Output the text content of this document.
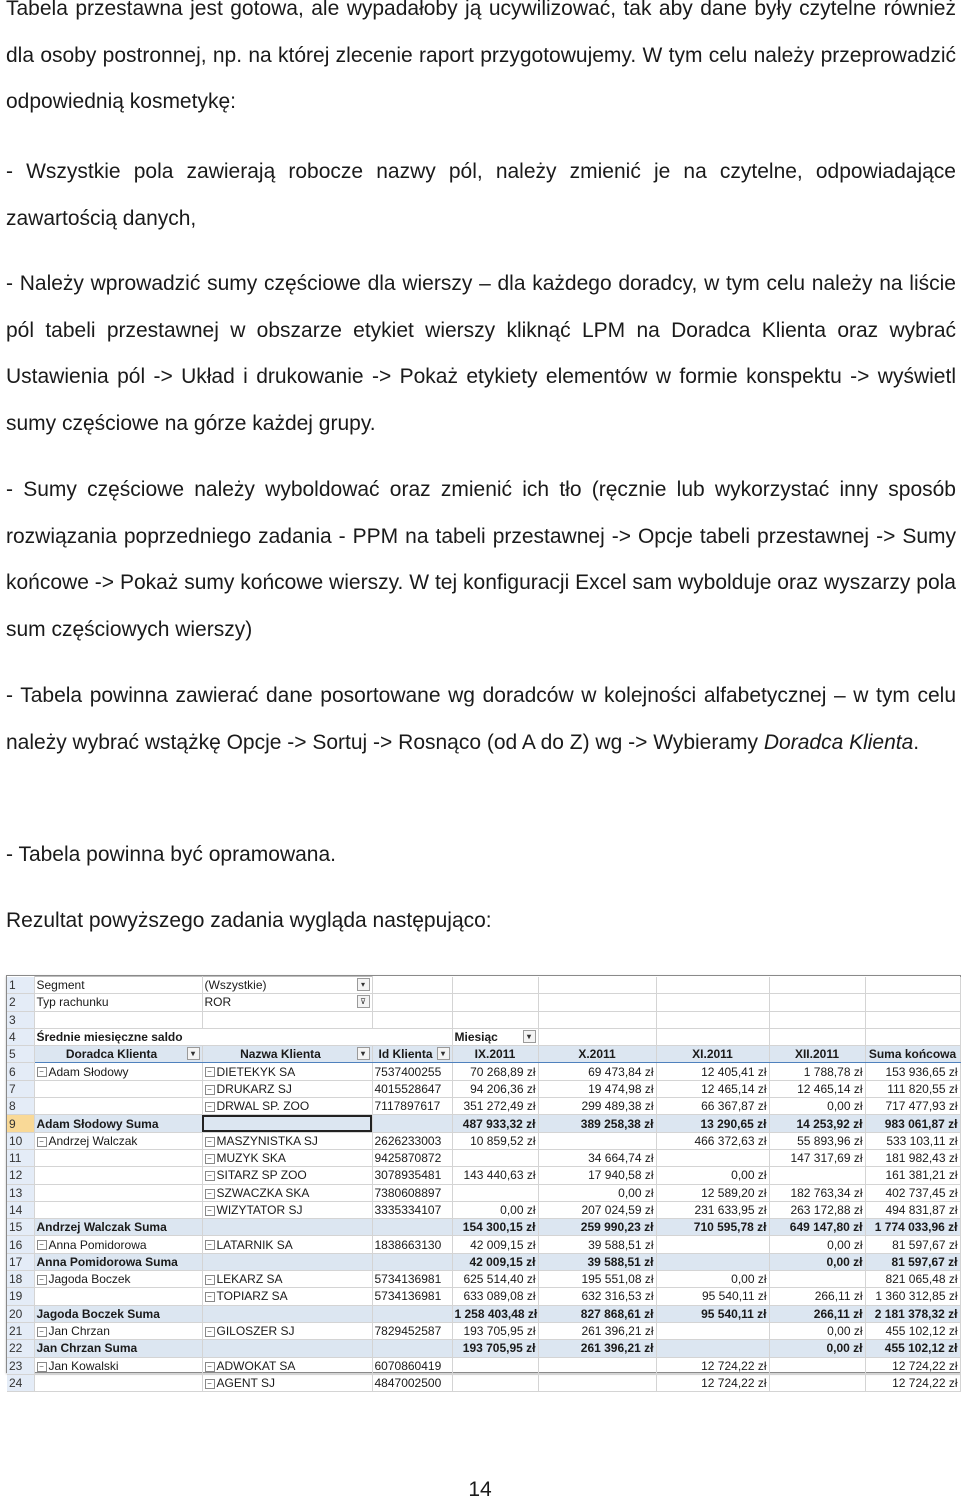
Tabela przestawna jest gotowa, ale wypadałoby ją ucywilizować, tak aby dane były czytelne również dla osoby postronnej, np. na której zlecenie raport przygotowujemy. W tym celu należy przeprowadzić odpowiednią kosmetykę:

- Wszystkie pola zawierają robocze nazwy pól, należy zmienić je na czytelne, odpowiadające zawartością danych,

- Należy wprowadzić sumy częściowe dla wierszy – dla każdego doradcy, w tym celu należy na liście pól tabeli przestawnej w obszarze etykiet wierszy kliknąć LPM na Doradca Klienta oraz wybrać Ustawienia pól -> Układ i drukowanie -> Pokaż etykiety elementów w formie konspektu -> wyświetl sumy częściowe na górze każdej grupy.

- Sumy częściowe należy wyboldować oraz zmienić ich tło (ręcznie lub wykorzystać inny sposób rozwiązania poprzedniego zadania - PPM na tabeli przestawnej -> Opcje tabeli przestawnej -> Sumy końcowe -> Pokaż sumy końcowe wierszy. W tej konfiguracji Excel sam wybolduje oraz wyszarzy pola sum częściowych wierszy)

- Tabela powinna zawierać dane posortowane wg doradców w kolejności alfabetycznej – w tym celu należy wybrać wstążkę Opcje -> Sortuj -> Rosnąco (od A do Z) wg -> Wybieramy Doradca Klienta.

- Tabela powinna być opramowana.

Rezultat powyższego zadania wygląda następująco:

1	Segment	(Wszystkie) ▾						

2	Typ rachunku	ROR ⊽						

3								
4	Średnie miesięczne saldo			Miesiąc ▾				

5	Doradca Klienta ▾	Nazwa Klienta ▾	Id Klienta ▾	IX.2011	X.2011	XI.2011	XII.2011	Suma końcowa
6	− Adam Słodowy	− DIETEKYK SA	7537400255	70 268,89 zł	69 473,84 zł	12 405,41 zł	1 788,78 zł	153 936,65 zł
7		− DRUKARZ SJ	4015528647	94 206,36 zł	19 474,98 zł	12 465,14 zł	12 465,14 zł	111 820,55 zł
8		− DRWAL SP. ZOO	7117897617	351 272,49 zł	299 489,38 zł	66 367,87 zł	0,00 zł	717 477,93 zł
9	Adam Słodowy Suma			487 933,32 zł	389 258,38 zł	13 290,65 zł	14 253,92 zł	983 061,87 zł
10	− Andrzej Walczak	− MASZYNISTKA SJ	2626233003	10 859,52 zł		466 372,63 zł	55 893,96 zł	533 103,11 zł
11		− MUZYK SKA	9425870872		34 664,74 zł		147 317,69 zł	181 982,43 zł
12		− SITARZ SP ZOO	3078935481	143 440,63 zł	17 940,58 zł	0,00 zł		161 381,21 zł
13		− SZWACZKA SKA	7380608897		0,00 zł	12 589,20 zł	182 763,34 zł	402 737,45 zł
14		− WIZYTATOR SJ	3335334107	0,00 zł	207 024,59 zł	231 633,95 zł	263 172,88 zł	494 831,87 zł
15	Andrzej Walczak Suma			154 300,15 zł	259 990,23 zł	710 595,78 zł	649 147,80 zł	1 774 033,96 zł
16	− Anna Pomidorowa	− LATARNIK SA	1838663130	42 009,15 zł	39 588,51 zł		0,00 zł	81 597,67 zł
17	Anna Pomidorowa Suma			42 009,15 zł	39 588,51 zł		0,00 zł	81 597,67 zł
18	− Jagoda Boczek	− LEKARZ SA	5734136981	625 514,40 zł	195 551,08 zł	0,00 zł		821 065,48 zł
19		− TOPIARZ SA	5734136981	633 089,08 zł	632 316,53 zł	95 540,11 zł	266,11 zł	1 360 312,85 zł
20	Jagoda Boczek Suma			1 258 403,48 zł	827 868,61 zł	95 540,11 zł	266,11 zł	2 181 378,32 zł
21	− Jan Chrzan	− GILOSZER SJ	7829452587	193 705,95 zł	261 396,21 zł		0,00 zł	455 102,12 zł
22	Jan Chrzan Suma			193 705,95 zł	261 396,21 zł		0,00 zł	455 102,12 zł
23	− Jan Kowalski	− ADWOKAT SA	6070860419			12 724,22 zł		12 724,22 zł
24		− AGENT SJ	4847002500			12 724,22 zł		12 724,22 zł
14
